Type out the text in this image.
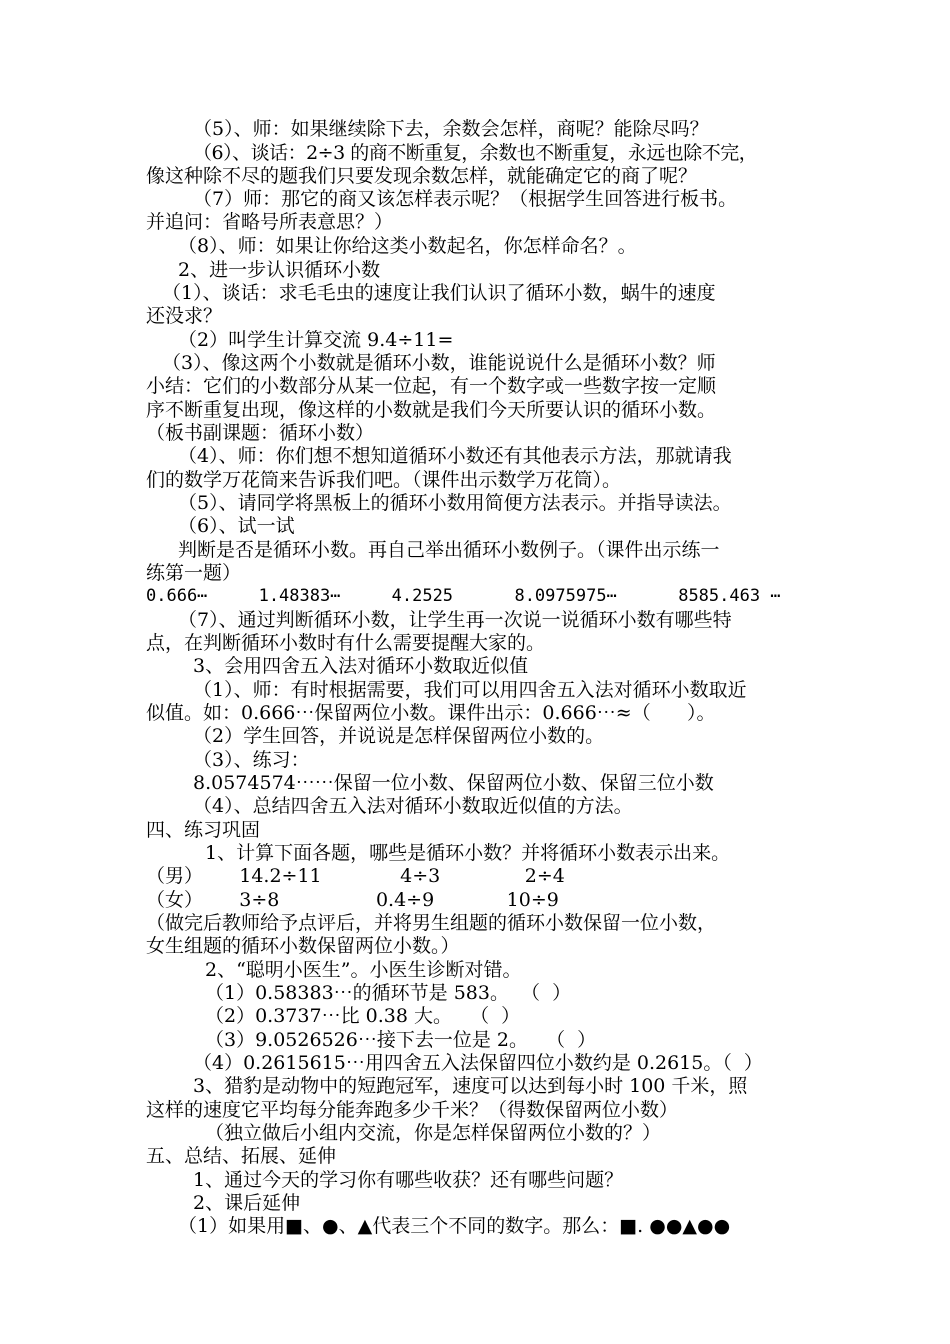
（5）、师：如果继续除下去，余数会怎样，商呢？能除尽吗？
（6）、谈话：2÷3 的商不断重复，余数也不断重复，永远也除不完，
像这种除不尽的题我们只要发现余数怎样，就能确定它的商了呢？
（7）师：那它的商又该怎样表示呢？（根据学生回答进行板书。
并追问：省略号所表意思？）
（8）、师：如果让你给这类小数起名，你怎样命名？。
2、进一步认识循环小数
（1）、谈话：求毛毛虫的速度让我们认识了循环小数，蜗牛的速度
还没求？
（2）叫学生计算交流 9.4÷11=
（3）、像这两个小数就是循环小数，谁能说说什么是循环小数？师
小结：它们的小数部分从某一位起，有一个数字或一些数字按一定顺
序不断重复出现，像这样的小数就是我们今天所要认识的循环小数。
（板书副课题：循环小数）
（4）、师：你们想不想知道循环小数还有其他表示方法，那就请我
们的数学万花筒来告诉我们吧。（课件出示数学万花筒）。
（5）、请同学将黑板上的循环小数用简便方法表示。并指导读法。
（6）、试一试
判断是否是循环小数。再自己举出循环小数例子。（课件出示练一
练第一题）
0.666⋯     1.48383⋯     4.2525      8.0975975⋯      8585.463 ⋯
（7）、通过判断循环小数，让学生再一次说一说循环小数有哪些特
点，在判断循环小数时有什么需要提醒大家的。
3、会用四舍五入法对循环小数取近似值
（1）、师：有时根据需要，我们可以用四舍五入法对循环小数取近
似值。如：0.666⋯保留两位小数。课件出示：0.666⋯≈（      ）。
（2）学生回答，并说说是怎样保留两位小数的。
（3）、练习：
8.0574574⋯⋯保留一位小数、保留两位小数、保留三位小数
（4）、总结四舍五入法对循环小数取近似值的方法。
四、练习巩固
1、计算下面各题，哪些是循环小数？并将循环小数表示出来。
（男）      14.2÷11             4÷3              2÷4
（女）      3÷8                0.4÷9            10÷9
（做完后教师给予点评后，并将男生组题的循环小数保留一位小数，
女生组题的循环小数保留两位小数。）
2、“聪明小医生”。小医生诊断对错。
（1）0.58383⋯的循环节是 583。  （  ）
（2）0.3737⋯比 0.38 大。   （  ）
（3）9.0526526⋯接下去一位是 2。   （  ）
（4）0.2615615⋯用四舍五入法保留四位小数约是 0.2615。（  ）
3、猎豹是动物中的短跑冠军，速度可以达到每小时 100 千米，照
这样的速度它平均每分能奔跑多少千米？（得数保留两位小数）
（独立做后小组内交流，你是怎样保留两位小数的？）
五、总结、拓展、延伸
1、通过今天的学习你有哪些收获？还有哪些问题？
2、课后延伸
（1）如果用■、●、▲代表三个不同的数字。那么：■. ●●▲●●
